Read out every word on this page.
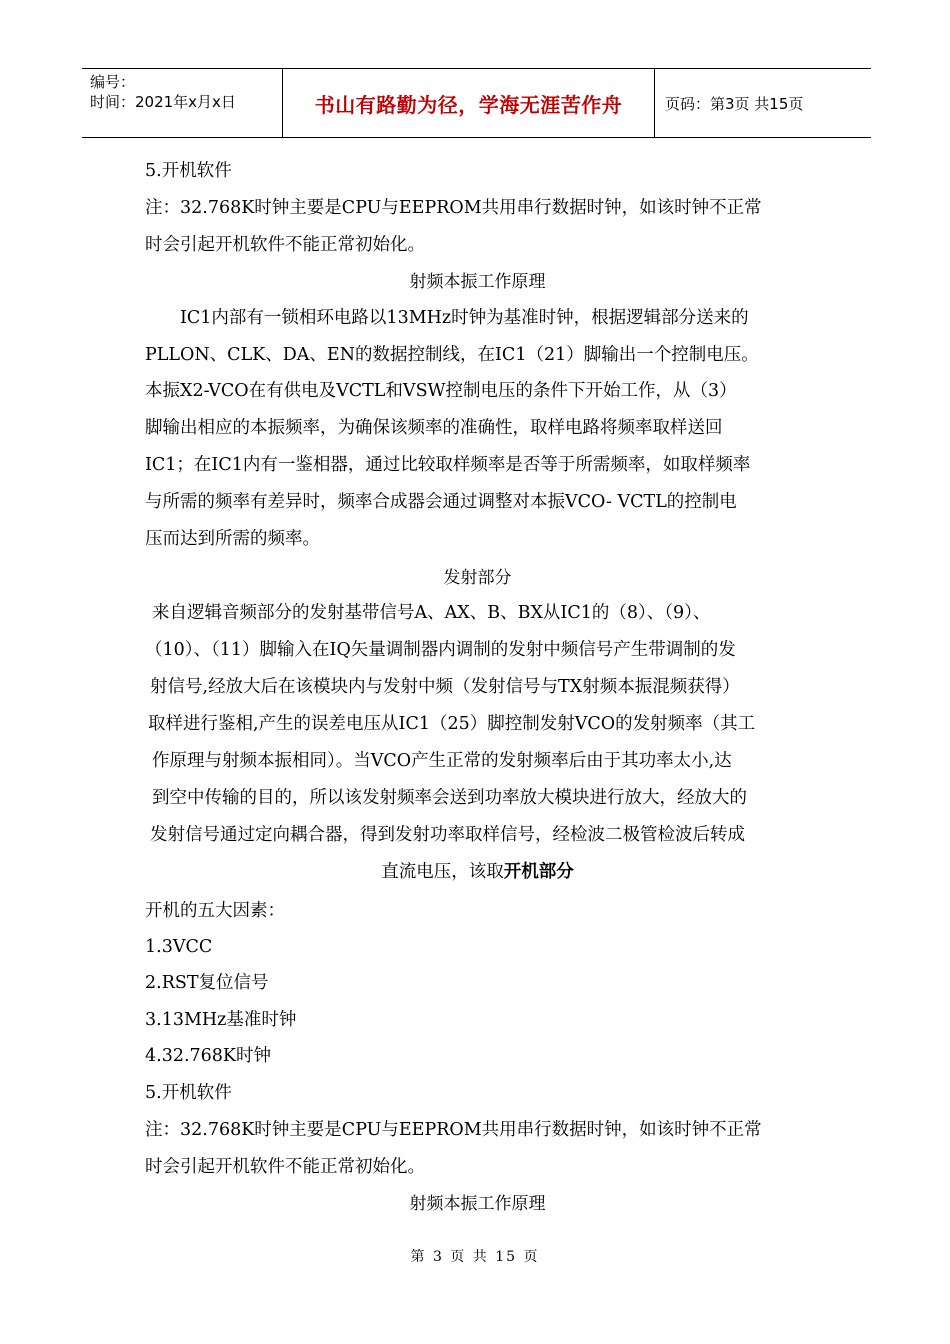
编号：
时间：2021年x月x日	书山有路勤为径，学海无涯苦作舟	页码：第3页 共15页
5.开机软件
注：32.768K时钟主要是CPU与EEPROM共用串行数据时钟，如该时钟不正常
时会引起开机软件不能正常初始化。
射频本振工作原理
IC1内部有一锁相环电路以13MHz时钟为基准时钟，根据逻辑部分送来的
PLLON、CLK、DA、EN的数据控制线，在IC1（21）脚输出一个控制电压。
本振X2-VCO在有供电及VCTL和VSW控制电压的条件下开始工作，从（3）
脚输出相应的本振频率，为确保该频率的准确性，取样电路将频率取样送回
IC1；在IC1内有一鉴相器，通过比较取样频率是否等于所需频率，如取样频率
与所需的频率有差异时，频率合成器会通过调整对本振VCO- VCTL的控制电
压而达到所需的频率。
发射部分
来自逻辑音频部分的发射基带信号A、AX、B、BX从IC1的（8）、（9）、
（10）、（11）脚输入在IQ矢量调制器内调制的发射中频信号产生带调制的发
射信号,经放大后在该模块内与发射中频（发射信号与TX射频本振混频获得）
取样进行鉴相,产生的误差电压从IC1（25）脚控制发射VCO的发射频率（其工
作原理与射频本振相同）。当VCO产生正常的发射频率后由于其功率太小,达
到空中传输的目的，所以该发射频率会送到功率放大模块进行放大，经放大的
发射信号通过定向耦合器，得到发射功率取样信号，经检波二极管检波后转成
直流电压，该取开机部分
开机的五大因素：
1.3VCC
2.RST复位信号
3.13MHz基准时钟
4.32.768K时钟
5.开机软件
注：32.768K时钟主要是CPU与EEPROM共用串行数据时钟，如该时钟不正常
时会引起开机软件不能正常初始化。
射频本振工作原理
第 3 页 共 15 页
